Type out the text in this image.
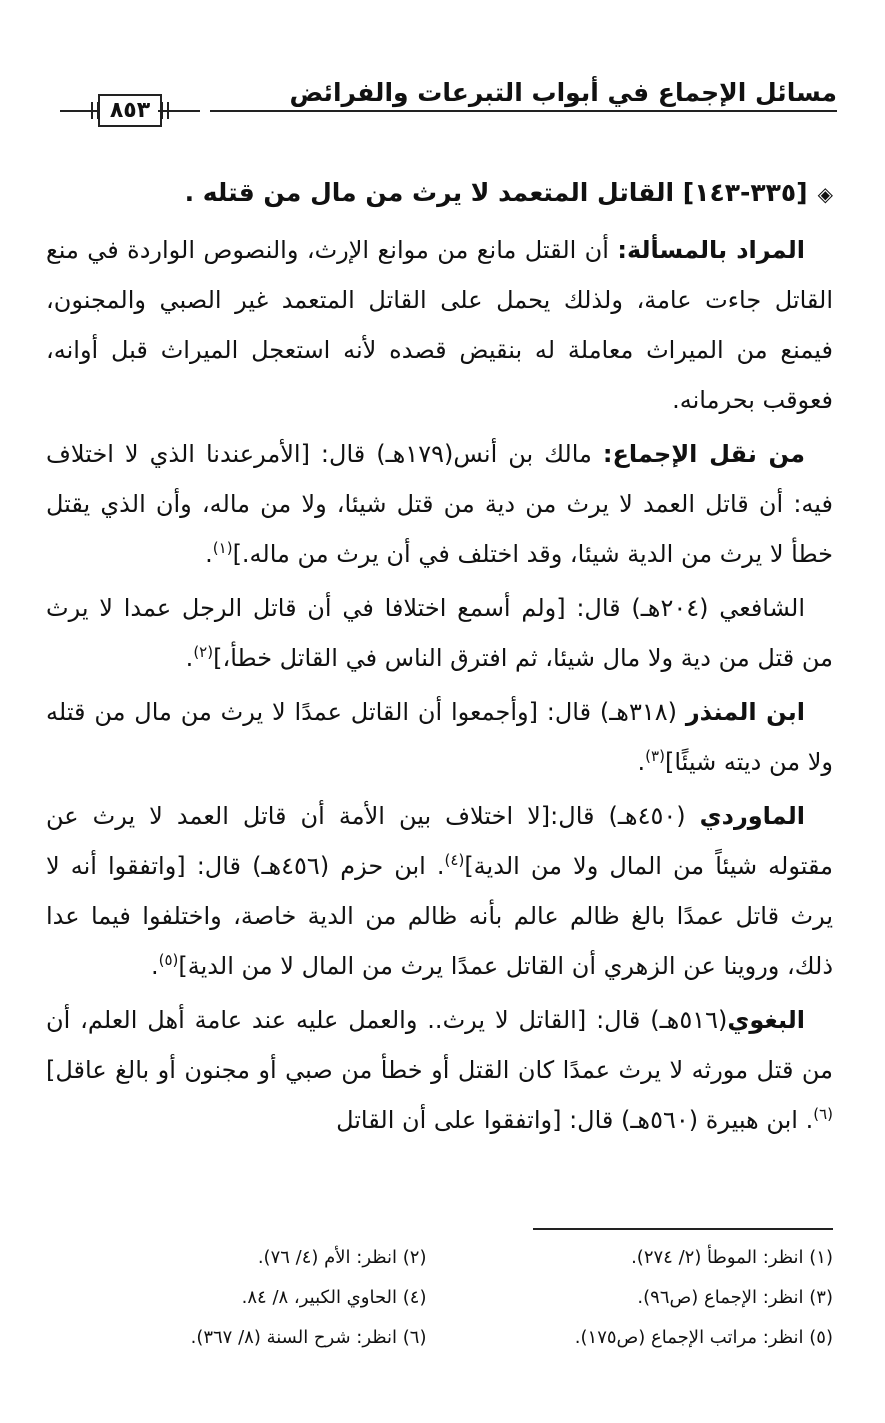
مسائل الإجماع في أبواب التبرعات والفرائض
٨٥٣
◈[٣٣٥-١٤٣] القاتل المتعمد لا يرث من مال من قتله .

المراد بالمسألة: أن القتل مانع من موانع الإرث، والنصوص الواردة في منع القاتل جاءت عامة، ولذلك يحمل على القاتل المتعمد غير الصبي والمجنون، فيمنع من الميراث معاملة له بنقيض قصده لأنه استعجل الميراث قبل أوانه، فعوقب بحرمانه.

من نقل الإجماع: مالك بن أنس(١٧٩هـ) قال: [الأمرعندنا الذي لا اختلاف فيه: أن قاتل العمد لا يرث من دية من قتل شيئا، ولا من ماله، وأن الذي يقتل خطأ لا يرث من الدية شيئا، وقد اختلف في أن يرث من ماله.]$^{(١)}$.

الشافعي (٢٠٤هـ) قال: [ولم أسمع اختلافا في أن قاتل الرجل عمدا لا يرث من قتل من دية ولا مال شيئا، ثم افترق الناس في القاتل خطأ،]$^{(٢)}$.

ابن المنذر (٣١٨هـ) قال: [وأجمعوا أن القاتل عمدًا لا يرث من مال من قتله ولا من ديته شيئًا]$^{(٣)}$.

الماوردي (٤٥٠هـ) قال:[لا اختلاف بين الأمة أن قاتل العمد لا يرث عن مقتوله شيئاً من المال ولا من الدية]$^{(٤)}$. ابن حزم (٤٥٦هـ) قال: [واتفقوا أنه لا يرث قاتل عمدًا بالغ ظالم عالم بأنه ظالم من الدية خاصة، واختلفوا فيما عدا ذلك، وروينا عن الزهري أن القاتل عمدًا يرث من المال لا من الدية]$^{(٥)}$.

البغوي(٥١٦هـ) قال: [القاتل لا يرث.. والعمل عليه عند عامة أهل العلم، أن من قتل مورثه لا يرث عمدًا كان القتل أو خطأ من صبي أو مجنون أو بالغ عاقل]$^{(٦)}$. ابن هبيرة (٥٦٠هـ) قال: [واتفقوا على أن القاتل

(١) انظر: الموطأ (٢/ ٢٧٤).
(٢) انظر: الأم (٤/ ٧٦).
(٣) انظر: الإجماع (ص٩٦).
(٤) الحاوي الكبير، ٨/ ٨٤.
(٥) انظر: مراتب الإجماع (ص١٧٥).
(٦) انظر: شرح السنة (٨/ ٣٦٧).
